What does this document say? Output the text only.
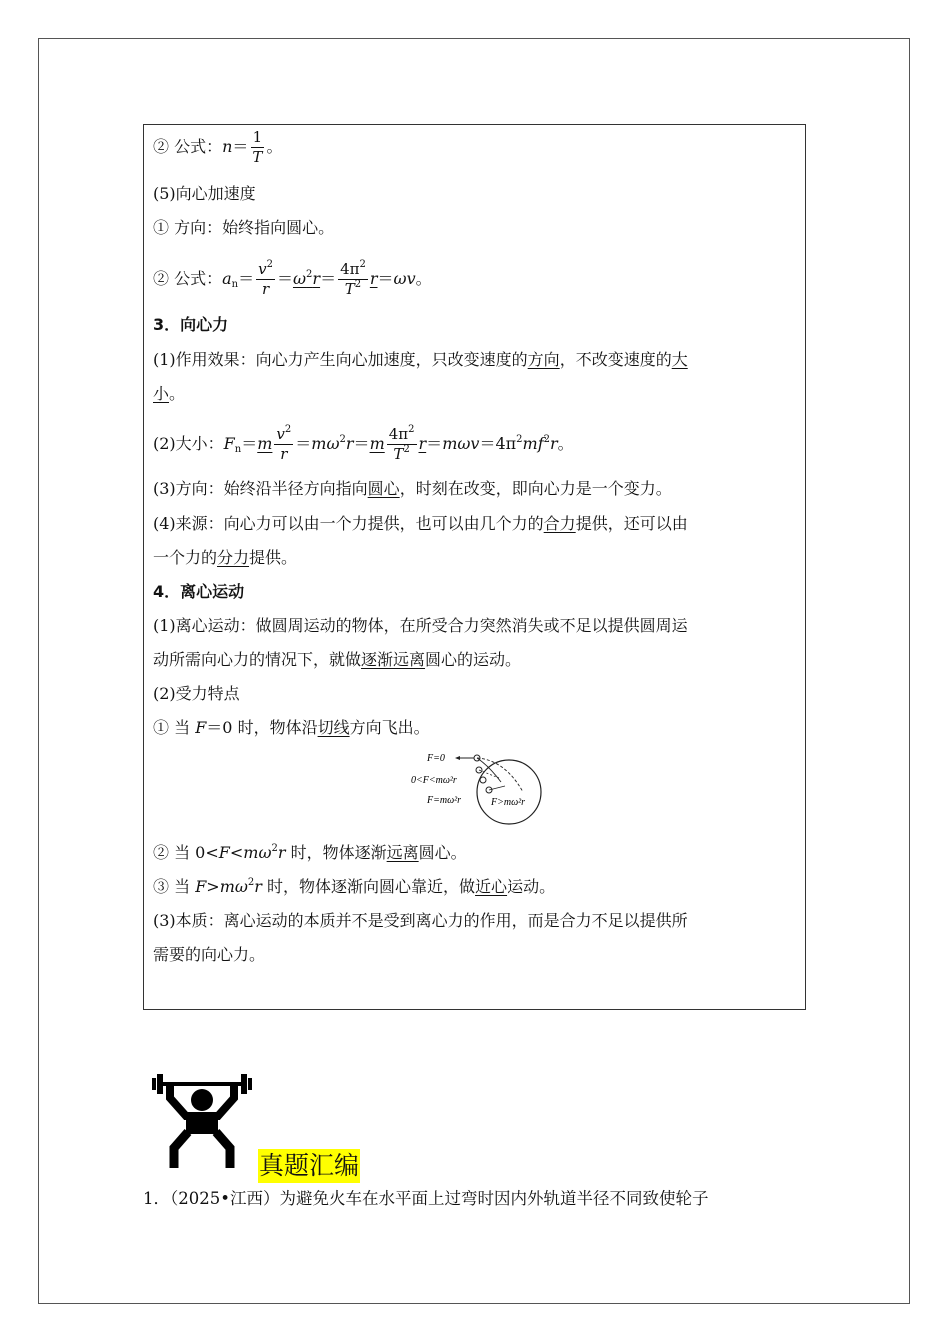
② 公式：$n= \frac{1}{T}$ 。
(5)向心加速度
① 方向：始终指向圆心。
② 公式：$a_n= \frac{v^2}{r} =\omega^2r= \frac{4\pi^2}{T^2} r=\omega v$。
3．向心力
(1)作用效果：向心力产生向心加速度，只改变速度的方向，不改变速度的大
小。
(2)大小：$F_n=m \frac{v^2}{r} =m\omega^2r=m \frac{4\pi^2}{T^2} r=m\omega v=4\pi^2mf^2r$。
(3)方向：始终沿半径方向指向圆心，时刻在改变，即向心力是一个变力。
(4)来源：向心力可以由一个力提供，也可以由几个力的合力提供，还可以由
一个力的分力提供。
4．离心运动
(1)离心运动：做圆周运动的物体，在所受合力突然消失或不足以提供圆周运
动所需向心力的情况下，就做逐渐远离圆心的运动。
(2)受力特点
① 当 F＝0 时，物体沿切线方向飞出。
F=0
0<F<mω²r
F=mω²r	F>mω²r
② 当 $0<F<m\omega^2r$ 时，物体逐渐远离圆心。
③ 当 $F>m\omega^2r$ 时，物体逐渐向圆心靠近，做近心运动。
(3)本质：离心运动的本质并不是受到离心力的作用，而是合力不足以提供所
需要的向心力。
真题汇编
1．（2025•江西）为避免火车在水平面上过弯时因内外轨道半径不同致使轮子
